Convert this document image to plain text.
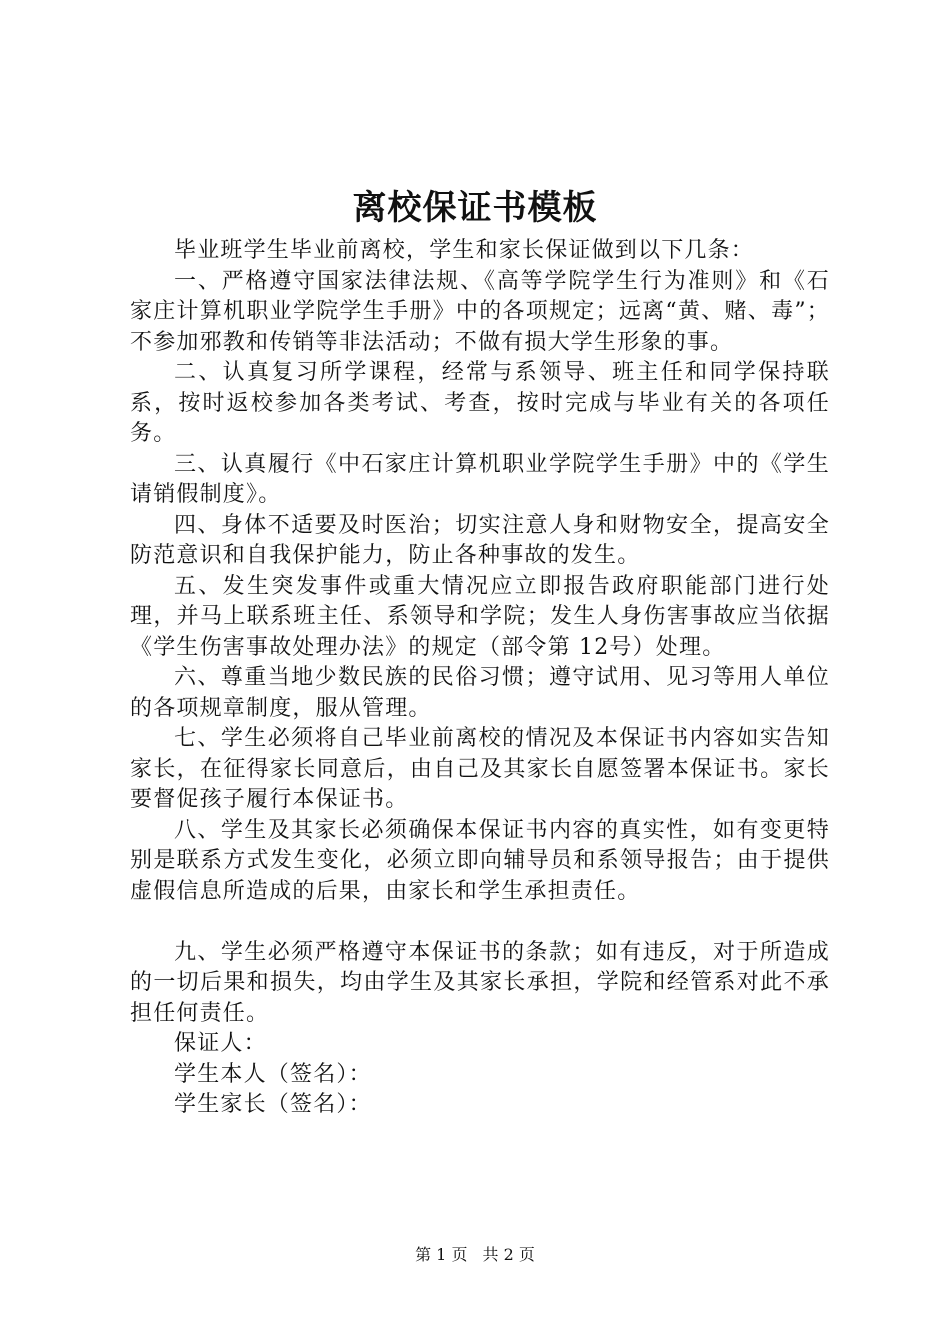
离校保证书模板

毕业班学生毕业前离校，学生和家长保证做到以下几条：

一、严格遵守国家法律法规、《高等学院学生行为准则》和《石家庄计算机职业学院学生手册》中的各项规定；远离“黄、赌、毒”；不参加邪教和传销等非法活动；不做有损大学生形象的事。

二、认真复习所学课程，经常与系领导、班主任和同学保持联系，按时返校参加各类考试、考查，按时完成与毕业有关的各项任务。

三、认真履行《中石家庄计算机职业学院学生手册》中的《学生请销假制度》。

四、身体不适要及时医治；切实注意人身和财物安全，提高安全防范意识和自我保护能力，防止各种事故的发生。

五、发生突发事件或重大情况应立即报告政府职能部门进行处理，并马上联系班主任、系领导和学院；发生人身伤害事故应当依据《学生伤害事故处理办法》的规定（部令第 12号）处理。

六、尊重当地少数民族的民俗习惯；遵守试用、见习等用人单位的各项规章制度，服从管理。

七、学生必须将自己毕业前离校的情况及本保证书内容如实告知家长，在征得家长同意后，由自己及其家长自愿签署本保证书。家长要督促孩子履行本保证书。

八、学生及其家长必须确保本保证书内容的真实性，如有变更特别是联系方式发生变化，必须立即向辅导员和系领导报告；由于提供虚假信息所造成的后果，由家长和学生承担责任。

九、学生必须严格遵守本保证书的条款；如有违反，对于所造成的一切后果和损失，均由学生及其家长承担，学院和经管系对此不承担任何责任。

保证人：

学生本人（签名）：

学生家长（签名）：

第 1 页 共 2 页
